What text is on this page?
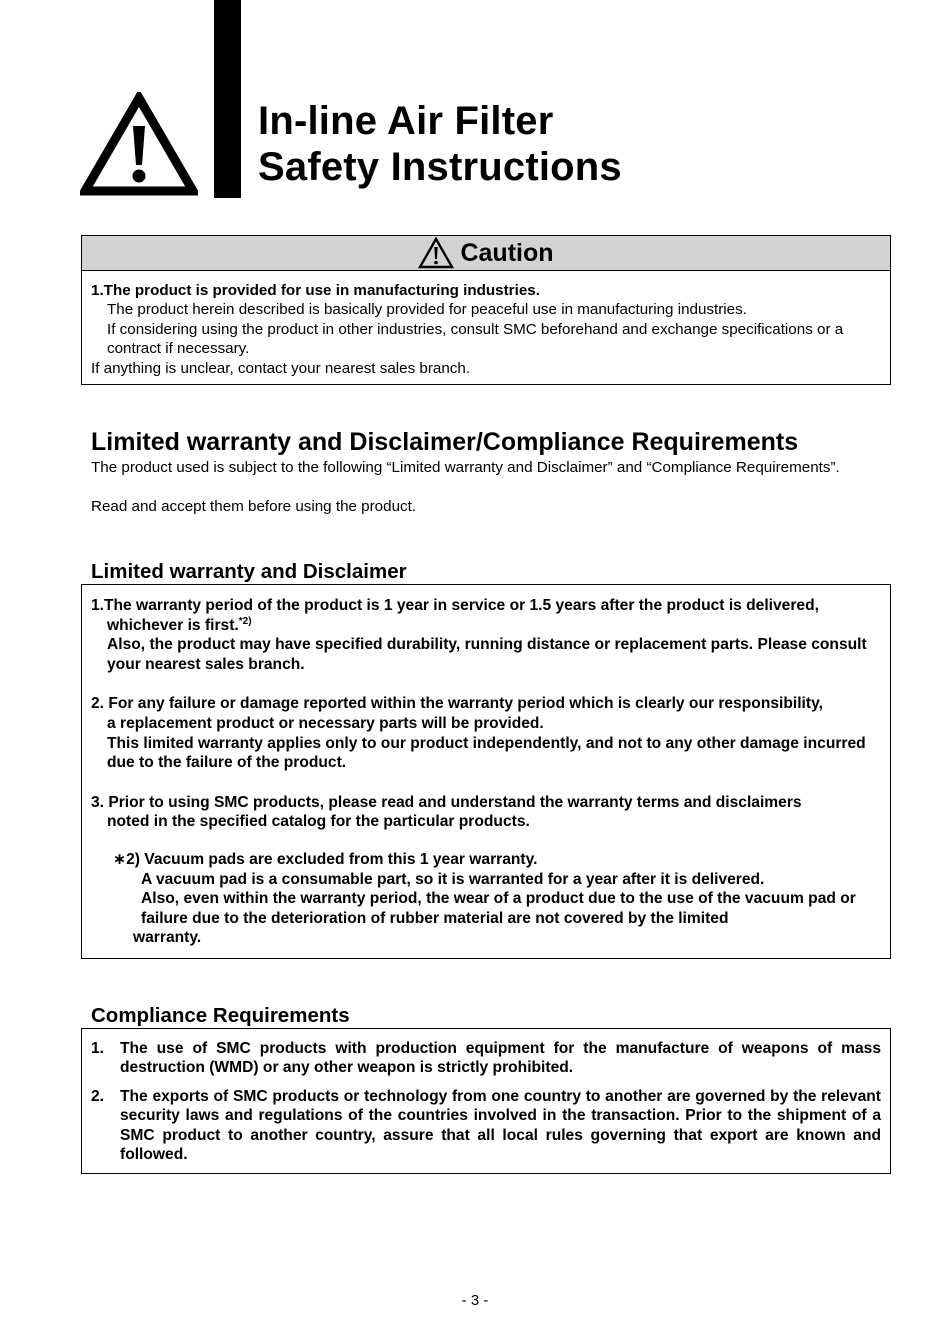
In-line Air Filter
Safety Instructions
Caution
1.The product is provided for use in manufacturing industries.
The product herein described is basically provided for peaceful use in manufacturing industries.
If considering using the product in other industries, consult SMC beforehand and exchange specifications or a contract if necessary.
If anything is unclear, contact your nearest sales branch.
Limited warranty and Disclaimer/Compliance Requirements
The product used is subject to the following “Limited warranty and Disclaimer” and “Compliance Requirements”.
Read and accept them before using the product.
Limited warranty and Disclaimer
1.The warranty period of the product is 1 year in service or 1.5 years after the product is delivered,
whichever is first.$^{*2)}$
Also, the product may have specified durability, running distance or replacement parts. Please consult your nearest sales branch.
2. For any failure or damage reported within the warranty period which is clearly our responsibility,
a replacement product or necessary parts will be provided.
This limited warranty applies only to our product independently, and not to any other damage incurred due to the failure of the product.
3. Prior to using SMC products, please read and understand the warranty terms and disclaimers
noted in the specified catalog for the particular products.
∗2) Vacuum pads are excluded from this 1 year warranty.
A vacuum pad is a consumable part, so it is warranted for a year after it is delivered.
Also, even within the warranty period, the wear of a product due to the use of the vacuum pad or failure due to the deterioration of rubber material are not covered by the limited
warranty.
Compliance Requirements
1.	The use of SMC products with production equipment for the manufacture of weapons of mass destruction (WMD) or any other weapon is strictly prohibited.
2.	The exports of SMC products or technology from one country to another are governed by the relevant security laws and regulations of the countries involved in the transaction. Prior to the shipment of a SMC product to another country, assure that all local rules governing that export are known and followed.
- 3 -
